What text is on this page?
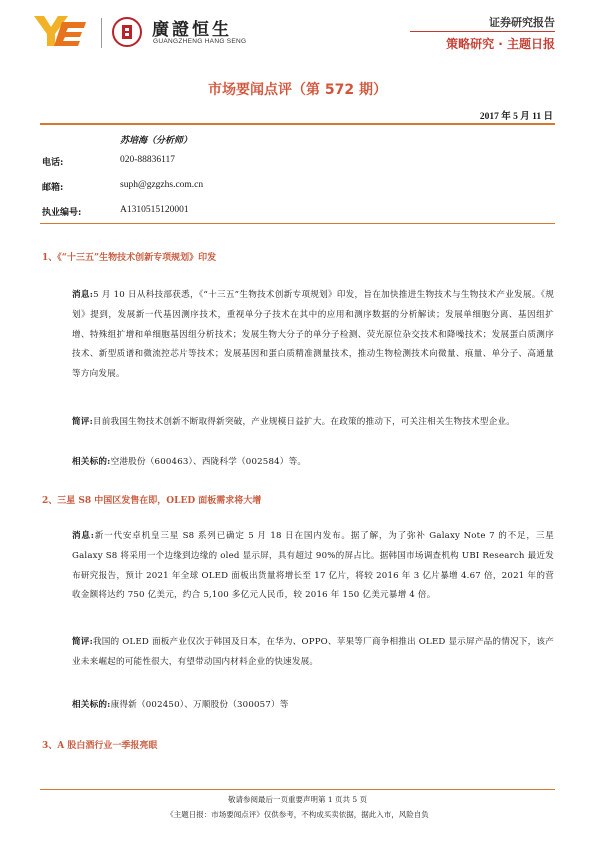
廣證恒生
GUANGZHENG HANG SENG
证券研究报告
策略研究 · 主题日报
市场要闻点评（第 572 期）
2017 年 5 月 11 日
苏培海（分析师）
电话:	020-88836117
邮箱:	suph@gzgzhs.com.cn
执业编号:	A1310515120001
1、《“十三五”生物技术创新专项规划》印发
消息:5 月 10 日从科技部获悉，《“十三五”生物技术创新专项规划》印发，旨在加快推进生物技术与生物技术产业发展。《规划》提到，发展新一代基因测序技术，重视单分子技术在其中的应用和测序数据的分析解读；发展单细胞分离、基因组扩增、特殊组扩增和单细胞基因组分析技术；发展生物大分子的单分子检测、荧光原位杂交技术和降噪技术；发展蛋白质测序技术、新型质谱和微流控芯片等技术；发展基因和蛋白质精准测量技术，推动生物检测技术向微量、痕量、单分子、高通量等方向发展。
简评:目前我国生物技术创新不断取得新突破，产业规模日益扩大。在政策的推动下，可关注相关生物技术型企业。
相关标的:空港股份（600463）、西陇科学（002584）等。
2、三星 S8 中国区发售在即，OLED 面板需求将大增
消息:新一代安卓机皇三星 S8 系列已确定 5 月 18 日在国内发布。据了解，为了弥补 Galaxy Note 7 的不足，三星 Galaxy S8 将采用一个边缘到边缘的 oled 显示屏，具有超过 90%的屏占比。据韩国市场调查机构 UBI Research 最近发布研究报告，预计 2021 年全球 OLED 面板出货量将增长至 17 亿片，将较 2016 年 3 亿片暴增 4.67 倍，2021 年的营收金额将达约 750 亿美元，约合 5,100 多亿元人民币，较 2016 年 150 亿美元暴增 4 倍。
简评:我国的 OLED 面板产业仅次于韩国及日本，在华为、OPPO、苹果等厂商争相推出 OLED 显示屏产品的情况下，该产业未来崛起的可能性很大，有望带动国内材料企业的快速发展。
相关标的:康得新（002450）、万顺股份（300057）等
3、A 股白酒行业一季报亮眼
敬请参阅最后一页重要声明第 1 页共 5 页
《主题日报：市场要闻点评》仅供参考，不构成买卖依据，据此入市，风险自负
